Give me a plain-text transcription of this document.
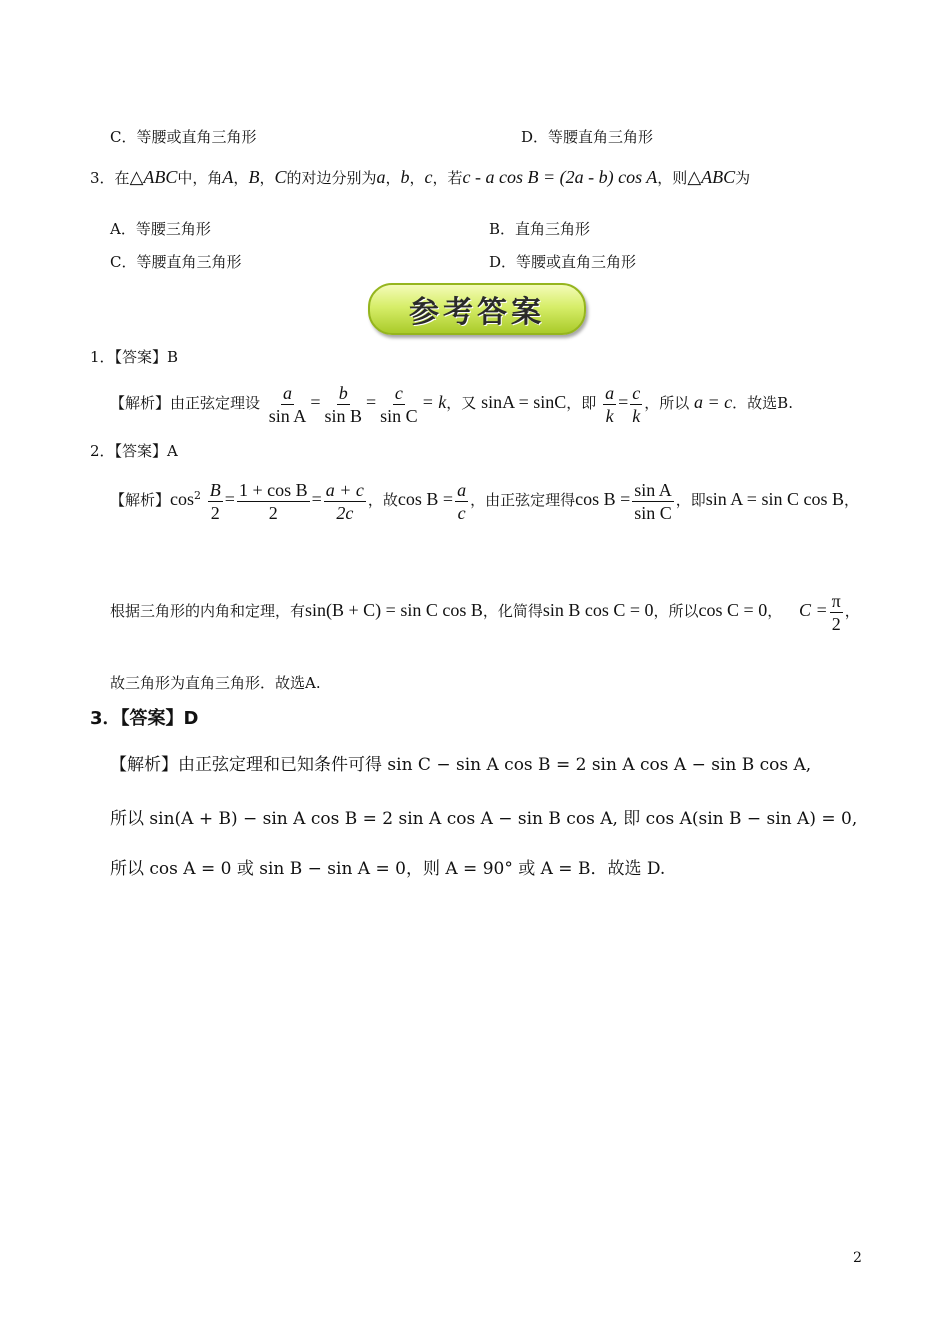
C．等腰或直角三角形	D．等腰直角三角形
3．在△ABC中，角A，B，C的对边分别为a，b，c，若c - a cos B = (2a - b) cos A，则△ABC为
A．等腰三角形	B．直角三角形
C．等腰直角三角形	D．等腰或直角三角形
参考答案
1．【答案】B
【解析】由正弦定理设 $\frac{a}{\text{sin A}} = \frac{b}{\text{sin B}} = \frac{c}{\text{sin C}} = k$，又 sinA = sinC，即 $\frac{a}{k} = \frac{c}{k}$ ，所以 a = c．故选B.
2．【答案】A
【解析】$\cos^2 \frac{B}{2} = \frac{\text{1 + cos B}}{2} = \frac{a + c}{2c}$ ，故$\cos B = \frac{a}{c}$ ，由正弦定理得$\cos B = \frac{\text{sin A}}{\text{sin C}}$ ，即sin A = sin C cos B，
根据三角形的内角和定理，有sin(B + C) = sin C cos B，化简得sin B cos C = 0，所以cos C = 0， $C = \frac{\pi}{2}$ ，
故三角形为直角三角形．故选A.
3．【答案】D
【解析】由正弦定理和已知条件可得 sin C − sin A cos B = 2 sin A cos A − sin B cos A,
所以 sin(A + B) − sin A cos B = 2 sin A cos A − sin B cos A, 即 cos A(sin B − sin A) = 0,
所以 cos A = 0 或 sin B − sin A = 0，则 A = 90° 或 A = B．故选 D.
2
